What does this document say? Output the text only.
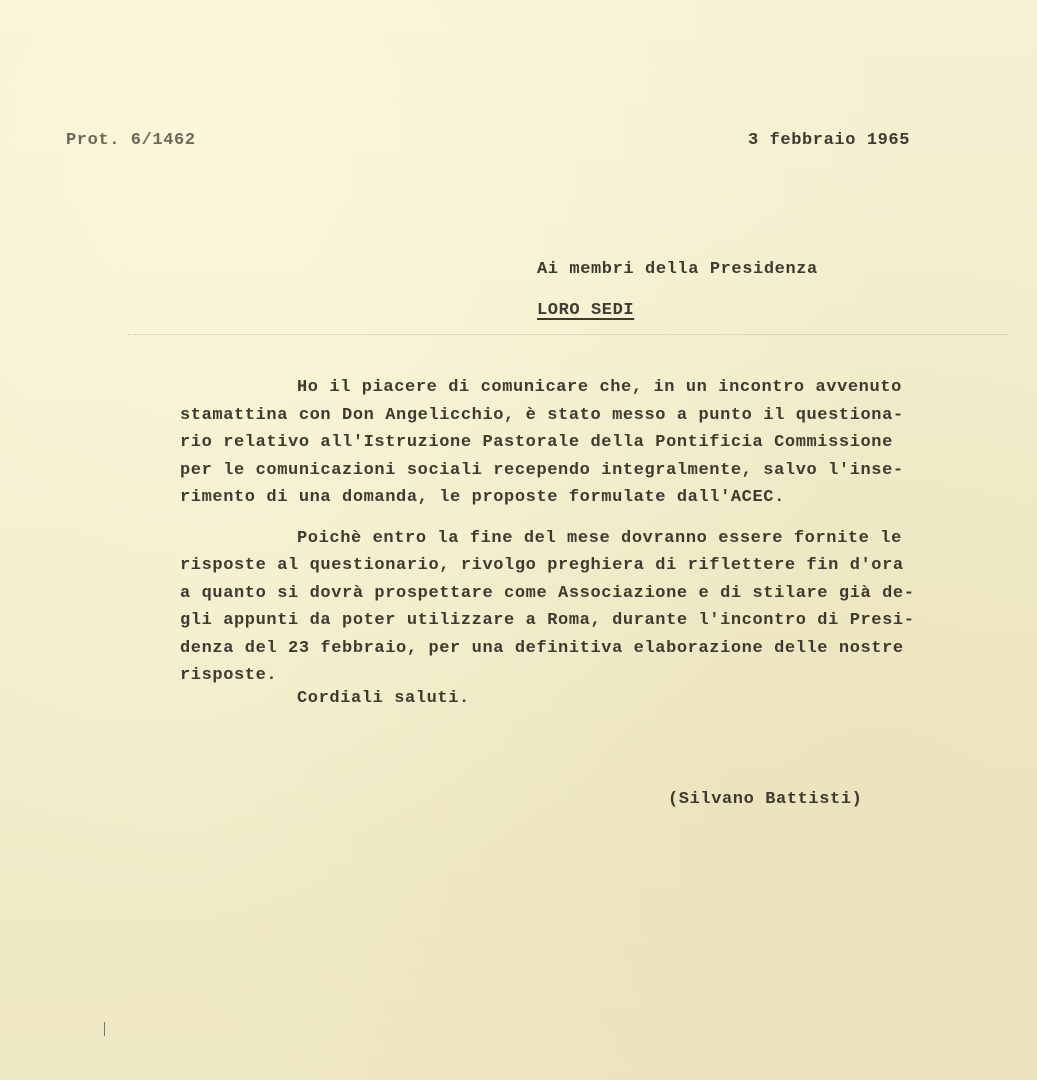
Prot. 6/1462	3 febbraio 1965
Ai membri della Presidenza
LORO SEDI
Ho il piacere di comunicare che, in un incontro avvenuto
stamattina con Don Angelicchio, è stato messo a punto il questiona-
rio relativo all'Istruzione Pastorale della Pontificia Commissione
per le comunicazioni sociali recependo integralmente, salvo l'inse-
rimento di una domanda, le proposte formulate dall'ACEC.
Poichè entro la fine del mese dovranno essere fornite le
risposte al questionario, rivolgo preghiera di riflettere fin d'ora
a quanto si dovrà prospettare come Associazione e di stilare già de-
gli appunti da poter utilizzare a Roma, durante l'incontro di Presi-
denza del 23 febbraio, per una definitiva elaborazione delle nostre
risposte.
Cordiali saluti.
(Silvano Battisti)
